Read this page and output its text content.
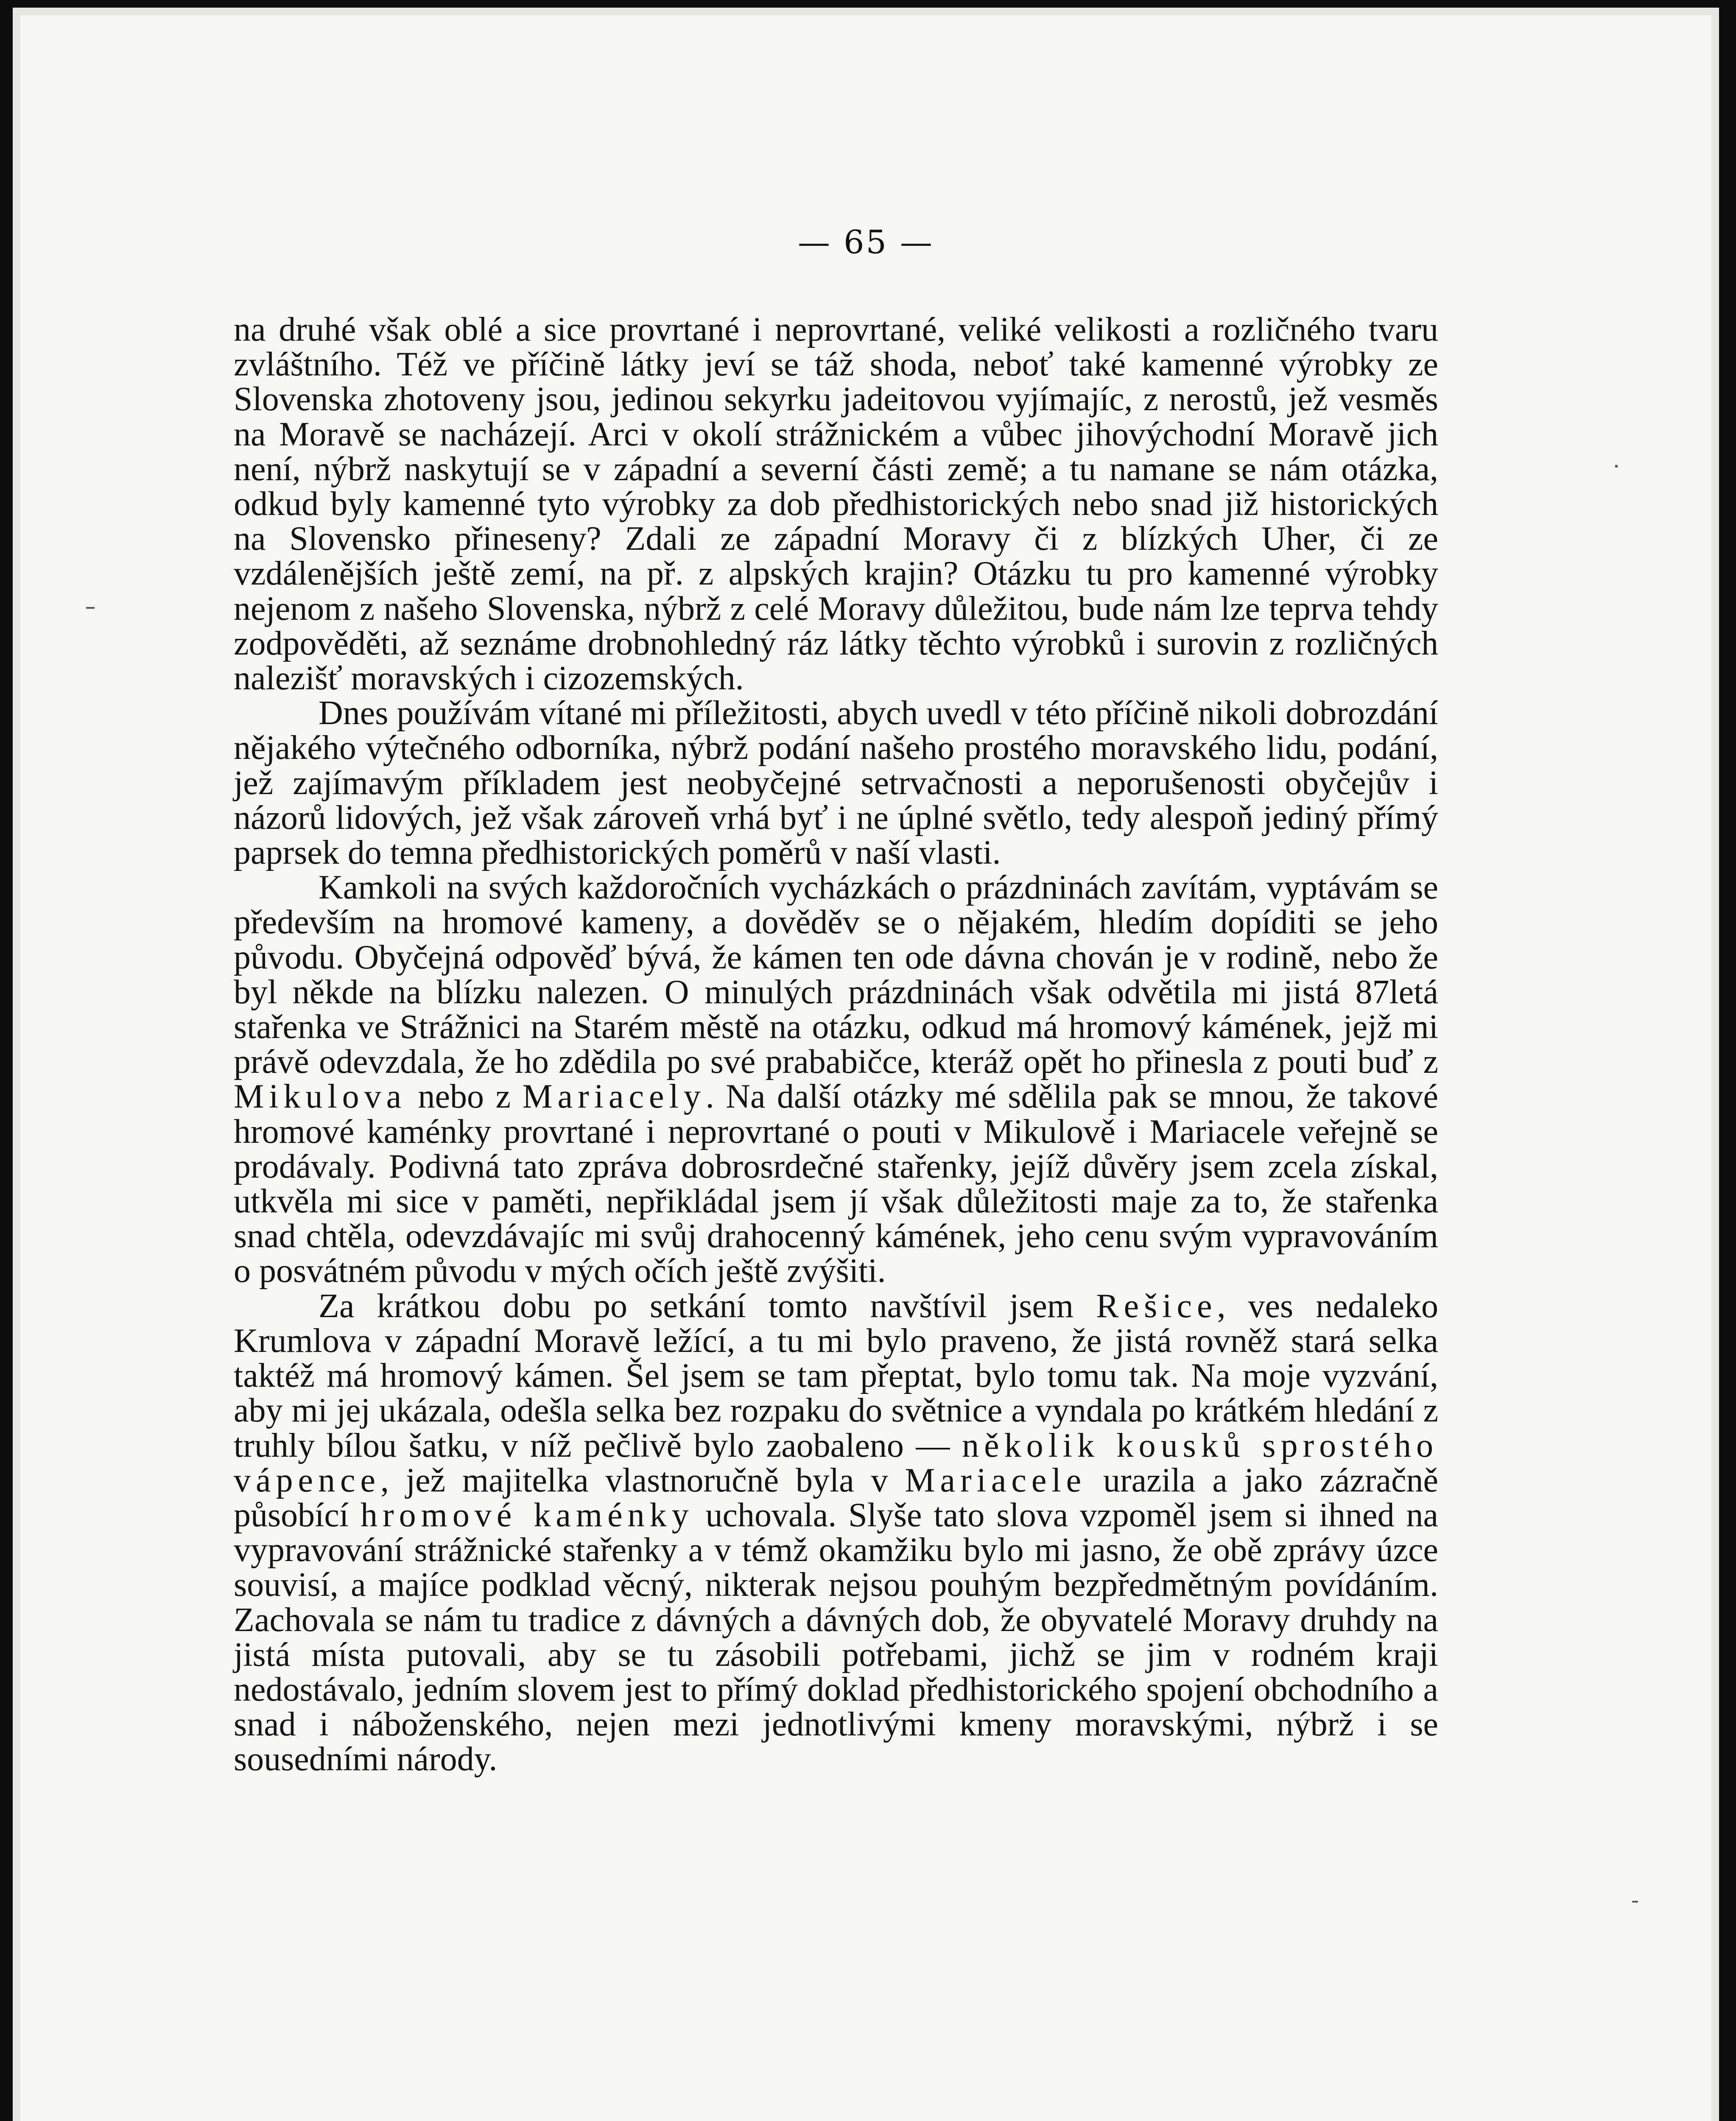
— 65 —

na druhé však oblé a sice provrtané i neprovrtané, veliké velikosti a rozličného tvaru zvláštního. Též ve příčině látky jeví se táž shoda, neboť také kamenné výrobky ze Slovenska zhotoveny jsou, jedinou sekyrku jadeitovou vyjímajíc, z nerostů, jež vesměs na Moravě se nacházejí. Arci v okolí strážnickém a vůbec jihovýchodní Moravě jich není, nýbrž naskytují se v západní a severní části země; a tu namane se nám otázka, odkud byly kamenné tyto výrobky za dob předhistorických nebo snad již historických na Slovensko přineseny? Zdali ze západní Moravy či z blízkých Uher, či ze vzdálenějších ještě zemí, na př. z alpských krajin? Otázku tu pro kamenné výrobky nejenom z našeho Slovenska, nýbrž z celé Moravy důležitou, bude nám lze teprva tehdy zodpověděti, až seznáme drobnohledný ráz látky těchto výrobků i surovin z rozličných nalezišť moravských i cizozemských.

Dnes používám vítané mi příležitosti, abych uvedl v této příčině nikoli dobrozdání nějakého výtečného odborníka, nýbrž podání našeho prostého moravského lidu, podání, jež zajímavým příkladem jest neobyčejné setrvačnosti a neporušenosti obyčejův i názorů lidových, jež však zároveň vrhá byť i ne úplné světlo, tedy alespoň jediný přímý paprsek do temna předhistorických poměrů v naší vlasti.

Kamkoli na svých každoročních vycházkách o prázdninách zavítám, vyptávám se především na hromové kameny, a dověděv se o nějakém, hledím dopíditi se jeho původu. Obyčejná odpověď bývá, že kámen ten ode dávna chován je v rodině, nebo že byl někde na blízku nalezen. O minulých prázdninách však odvětila mi jistá 87letá stařenka ve Strážnici na Starém městě na otázku, odkud má hromový kámének, jejž mi právě odevzdala, že ho zdědila po své prababičce, kteráž opět ho přinesla z pouti buď z Mikulova nebo z Mariacely. Na další otázky mé sdělila pak se mnou, že takové hromové kaménky provrtané i neprovrtané o pouti v Mikulově i Mariacele veřejně se prodávaly. Podivná tato zpráva dobrosrdečné stařenky, jejíž důvěry jsem zcela získal, utkvěla mi sice v paměti, nepřikládal jsem jí však důležitosti maje za to, že stařenka snad chtěla, odevzdávajíc mi svůj drahocenný kámének, jeho cenu svým vypravováním o posvátném původu v mých očích ještě zvýšiti.

Za krátkou dobu po setkání tomto navštívil jsem Rešice, ves nedaleko Krumlova v západní Moravě ležící, a tu mi bylo praveno, že jistá rovněž stará selka taktéž má hromový kámen. Šel jsem se tam přeptat, bylo tomu tak. Na moje vyzvání, aby mi jej ukázala, odešla selka bez rozpaku do světnice a vyndala po krátkém hledání z truhly bílou šatku, v níž pečlivě bylo zaobaleno — několik kousků sprostého vápence, jež majitelka vlastnoručně byla v Mariacele urazila a jako zázračně působící hromové kaménky uchovala. Slyše tato slova vzpoměl jsem si ihned na vypravování strážnické stařenky a v témž okamžiku bylo mi jasno, že obě zprávy úzce souvisí, a majíce podklad věcný, nikterak nejsou pouhým bezpředmětným povídáním. Zachovala se nám tu tradice z dávných a dávných dob, že obyvatelé Moravy druhdy na jistá místa putovali, aby se tu zásobili potřebami, jichž se jim v rodném kraji nedostávalo, jedním slovem jest to přímý doklad předhistorického spojení obchodního a snad i náboženského, nejen mezi jednotlivými kmeny moravskými, nýbrž i se sousedními národy.
